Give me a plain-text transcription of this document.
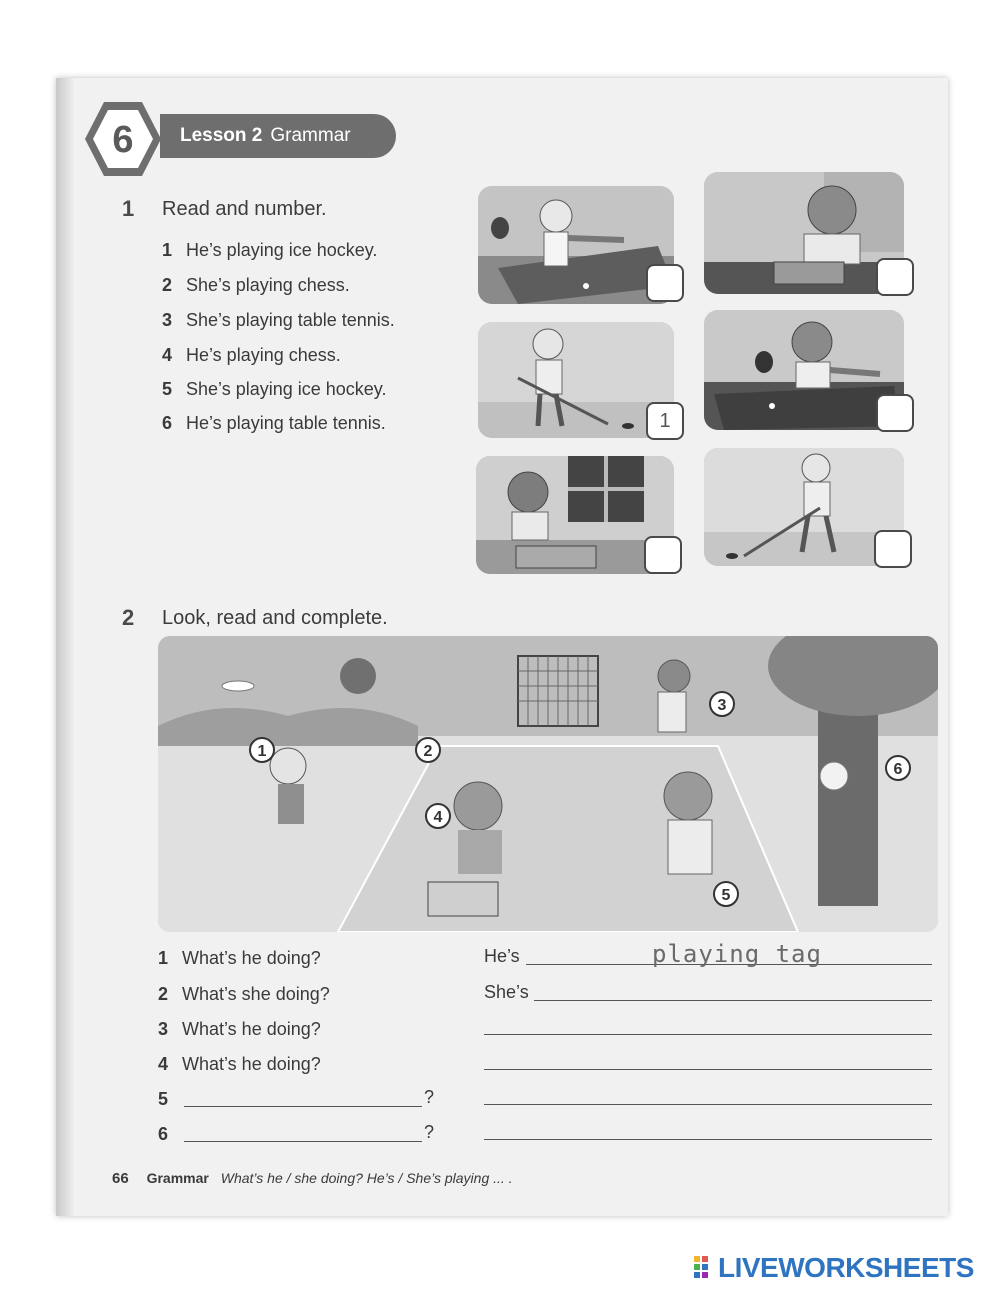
6 Lesson 2 Grammar
1 Read and number.
1 He’s playing ice hockey.
2 She’s playing chess.
3 She’s playing table tennis.
4 He’s playing chess.
5 She’s playing ice hockey.
6 He’s playing table tennis.	1
2 Look, read and complete.
1	2
3
4
5
6
1 What’s he doing?	He’s	playing tag
2 What’s she doing?	She’s
3 What’s he doing?
4 What’s he doing?
5	?
6	?
66 Grammar What’s he / she doing? He’s / She’s playing ... .
LIVEWORKSHEETS
